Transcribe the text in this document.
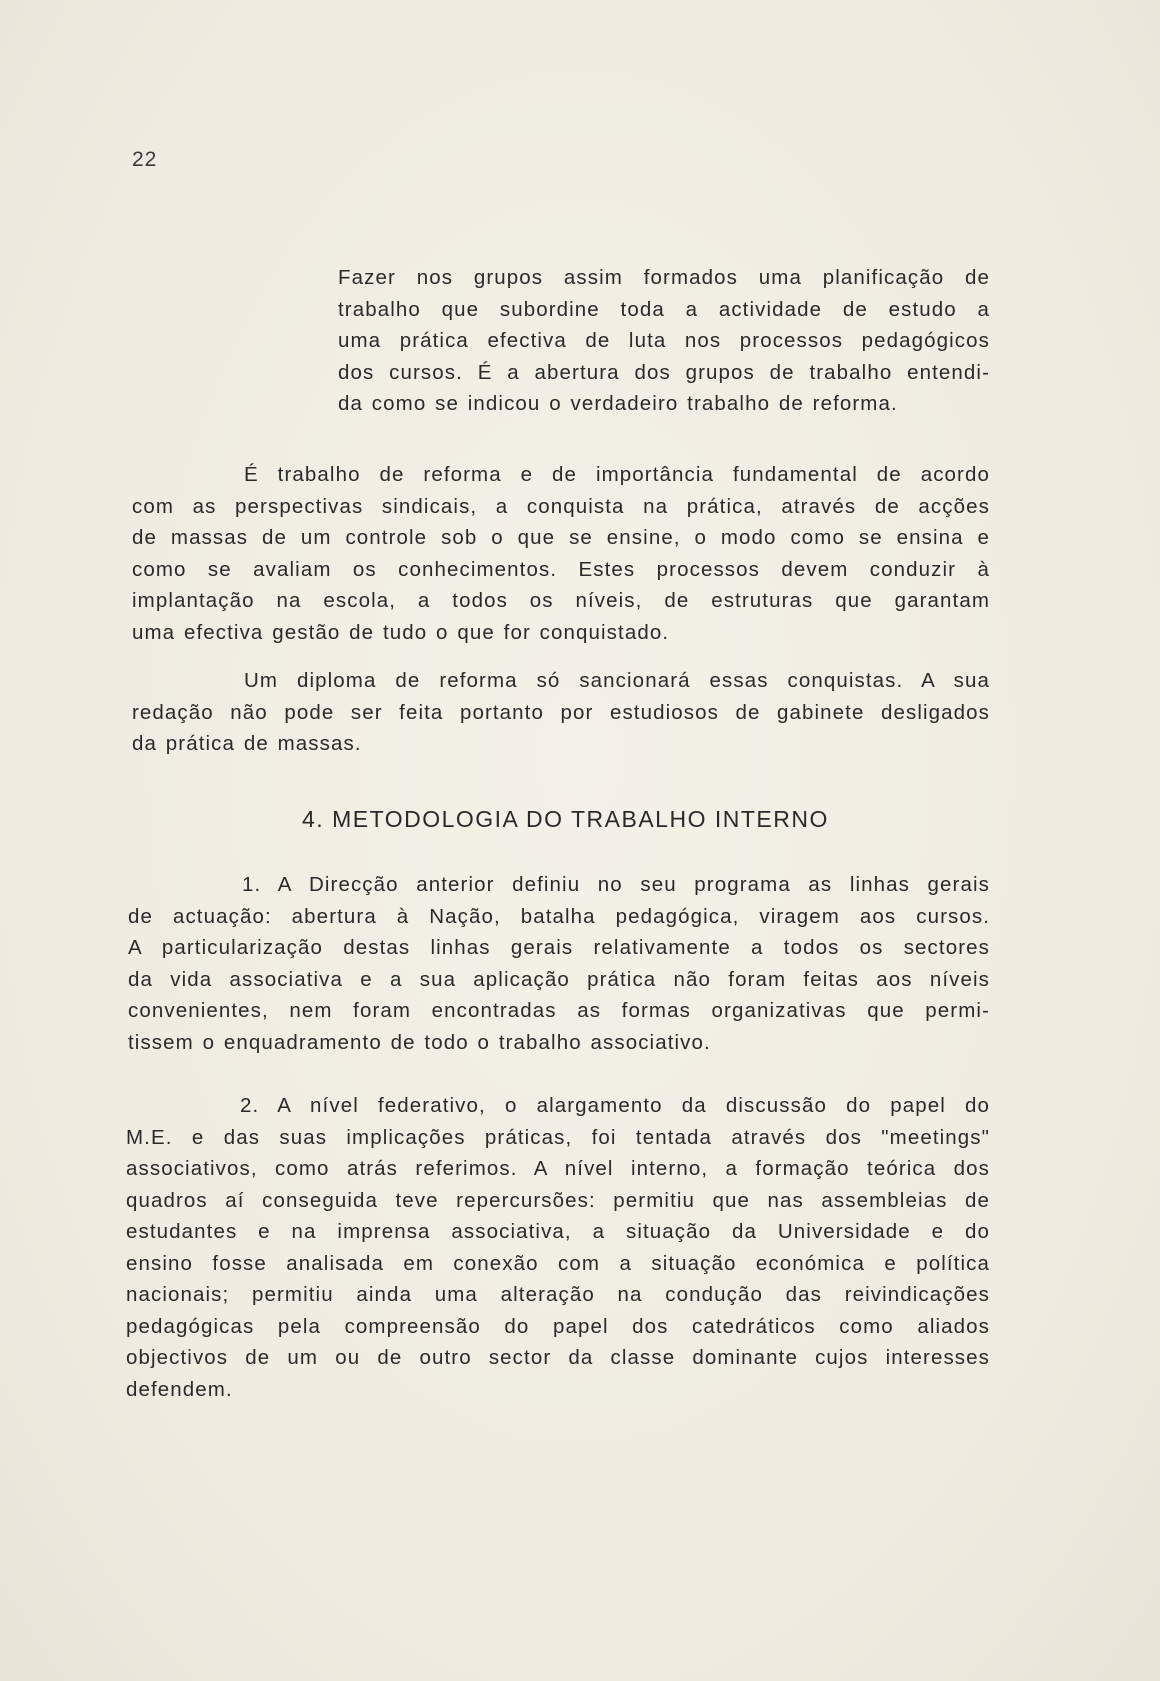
22
Fazer nos grupos assim formados uma planificação de
trabalho que subordine toda a actividade de estudo a
uma prática efectiva de luta nos processos pedagógicos
dos cursos. É a abertura dos grupos de trabalho entendi-
da como se indicou o verdadeiro trabalho de reforma.
É trabalho de reforma e de importância fundamental de acordo
com as perspectivas sindicais, a conquista na prática, através de acções
de massas de um controle sob o que se ensine, o modo como se ensina e
como se avaliam os conhecimentos. Estes processos devem conduzir à
implantação na escola, a todos os níveis, de estruturas que garantam
uma efectiva gestão de tudo o que for conquistado.
Um diploma de reforma só sancionará essas conquistas. A sua
redação não pode ser feita portanto por estudiosos de gabinete desligados
da prática de massas.
4. METODOLOGIA DO TRABALHO INTERNO
1. A Direcção anterior definiu no seu programa as linhas gerais
de actuação: abertura à Nação, batalha pedagógica, viragem aos cursos.
A particularização destas linhas gerais relativamente a todos os sectores
da vida associativa e a sua aplicação prática não foram feitas aos níveis
convenientes, nem foram encontradas as formas organizativas que permi-
tissem o enquadramento de todo o trabalho associativo.
2. A nível federativo, o alargamento da discussão do papel do
M.E. e das suas implicações práticas, foi tentada através dos "meetings"
associativos, como atrás referimos. A nível interno, a formação teórica dos
quadros aí conseguida teve repercursões: permitiu que nas assembleias de
estudantes e na imprensa associativa, a situação da Universidade e do
ensino fosse analisada em conexão com a situação económica e política
nacionais; permitiu ainda uma alteração na condução das reivindicações
pedagógicas pela compreensão do papel dos catedráticos como aliados
objectivos de um ou de outro sector da classe dominante cujos interesses
defendem.
